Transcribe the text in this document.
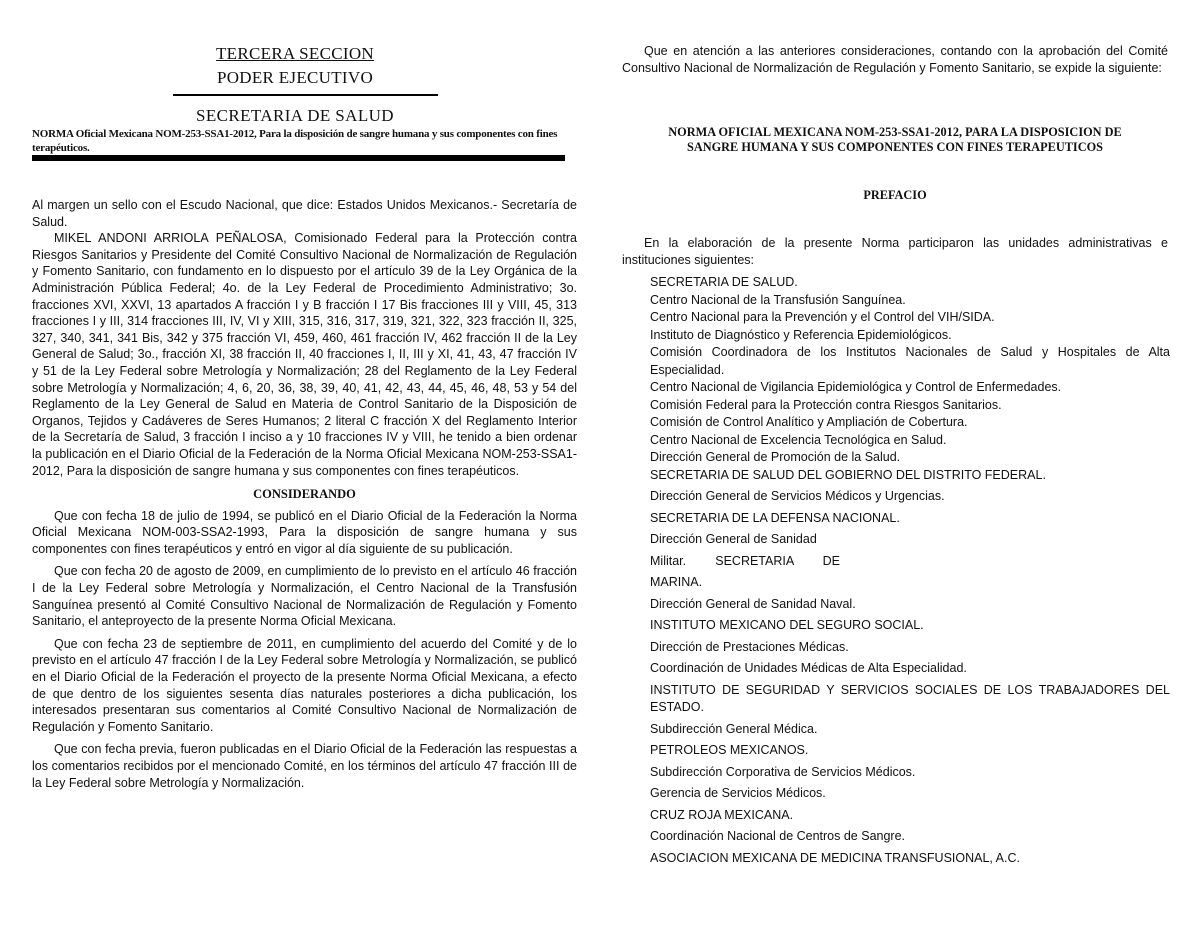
TERCERA SECCION
PODER EJECUTIVO
SECRETARIA DE SALUD
NORMA Oficial Mexicana NOM-253-SSA1-2012, Para la disposición de sangre humana y sus componentes con fines terapéuticos.

Al margen un sello con el Escudo Nacional, que dice: Estados Unidos Mexicanos.- Secretaría de Salud.

MIKEL ANDONI ARRIOLA PEÑALOSA, Comisionado Federal para la Protección contra Riesgos Sanitarios y Presidente del Comité Consultivo Nacional de Normalización de Regulación y Fomento Sanitario, con fundamento en lo dispuesto por el artículo 39 de la Ley Orgánica de la Administración Pública Federal; 4o. de la Ley Federal de Procedimiento Administrativo; 3o. fracciones XVI, XXVI, 13 apartados A fracción I y B fracción I 17 Bis fracciones III y VIII, 45, 313 fracciones I y III, 314 fracciones III, IV, VI y XIII, 315, 316, 317, 319, 321, 322, 323 fracción II, 325, 327, 340, 341, 341 Bis, 342 y 375 fracción VI, 459, 460, 461 fracción IV, 462 fracción II de la Ley General de Salud; 3o., fracción XI, 38 fracción II, 40 fracciones I, II, III y XI, 41, 43, 47 fracción IV y 51 de la Ley Federal sobre Metrología y Normalización; 28 del Reglamento de la Ley Federal sobre Metrología y Normalización; 4, 6, 20, 36, 38, 39, 40, 41, 42, 43, 44, 45, 46, 48, 53 y 54 del Reglamento de la Ley General de Salud en Materia de Control Sanitario de la Disposición de Organos, Tejidos y Cadáveres de Seres Humanos; 2 literal C fracción X del Reglamento Interior de la Secretaría de Salud, 3 fracción I inciso a y 10 fracciones IV y VIII, he tenido a bien ordenar la publicación en el Diario Oficial de la Federación de la Norma Oficial Mexicana NOM-253-SSA1-2012, Para la disposición de sangre humana y sus componentes con fines terapéuticos.

CONSIDERANDO

Que con fecha 18 de julio de 1994, se publicó en el Diario Oficial de la Federación la Norma Oficial Mexicana NOM-003-SSA2-1993, Para la disposición de sangre humana y sus componentes con fines terapéuticos y entró en vigor al día siguiente de su publicación.

Que con fecha 20 de agosto de 2009, en cumplimiento de lo previsto en el artículo 46 fracción I de la Ley Federal sobre Metrología y Normalización, el Centro Nacional de la Transfusión Sanguínea presentó al Comité Consultivo Nacional de Normalización de Regulación y Fomento Sanitario, el anteproyecto de la presente Norma Oficial Mexicana.

Que con fecha 23 de septiembre de 2011, en cumplimiento del acuerdo del Comité y de lo previsto en el artículo 47 fracción I de la Ley Federal sobre Metrología y Normalización, se publicó en el Diario Oficial de la Federación el proyecto de la presente Norma Oficial Mexicana, a efecto de que dentro de los siguientes sesenta días naturales posteriores a dicha publicación, los interesados presentaran sus comentarios al Comité Consultivo Nacional de Normalización de Regulación y Fomento Sanitario.

Que con fecha previa, fueron publicadas en el Diario Oficial de la Federación las respuestas a los comentarios recibidos por el mencionado Comité, en los términos del artículo 47 fracción III de la Ley Federal sobre Metrología y Normalización.

Que en atención a las anteriores consideraciones, contando con la aprobación del Comité Consultivo Nacional de Normalización de Regulación y Fomento Sanitario, se expide la siguiente:

NORMA OFICIAL MEXICANA NOM-253-SSA1-2012, PARA LA DISPOSICION DE
SANGRE HUMANA Y SUS COMPONENTES CON FINES TERAPEUTICOS
PREFACIO

En la elaboración de la presente Norma participaron las unidades administrativas e instituciones siguientes:

SECRETARIA DE SALUD.
Centro Nacional de la Transfusión Sanguínea.
Centro Nacional para la Prevención y el Control del VIH/SIDA.
Instituto de Diagnóstico y Referencia Epidemiológicos.
Comisión Coordinadora de los Institutos Nacionales de Salud y Hospitales de Alta Especialidad.
Centro Nacional de Vigilancia Epidemiológica y Control de Enfermedades.
Comisión Federal para la Protección contra Riesgos Sanitarios.
Comisión de Control Analítico y Ampliación de Cobertura.
Centro Nacional de Excelencia Tecnológica en Salud.
Dirección General de Promoción de la Salud.
SECRETARIA DE SALUD DEL GOBIERNO DEL DISTRITO FEDERAL.
Dirección General de Servicios Médicos y Urgencias.
SECRETARIA DE LA DEFENSA NACIONAL.
Dirección General de Sanidad
Militar. SECRETARIA DE
MARINA.
Dirección General de Sanidad Naval.
INSTITUTO MEXICANO DEL SEGURO SOCIAL.
Dirección de Prestaciones Médicas.
Coordinación de Unidades Médicas de Alta Especialidad.
INSTITUTO DE SEGURIDAD Y SERVICIOS SOCIALES DE LOS TRABAJADORES DEL ESTADO.
Subdirección General Médica.
PETROLEOS MEXICANOS.
Subdirección Corporativa de Servicios Médicos.
Gerencia de Servicios Médicos.
CRUZ ROJA MEXICANA.
Coordinación Nacional de Centros de Sangre.
ASOCIACION MEXICANA DE MEDICINA TRANSFUSIONAL, A.C.
